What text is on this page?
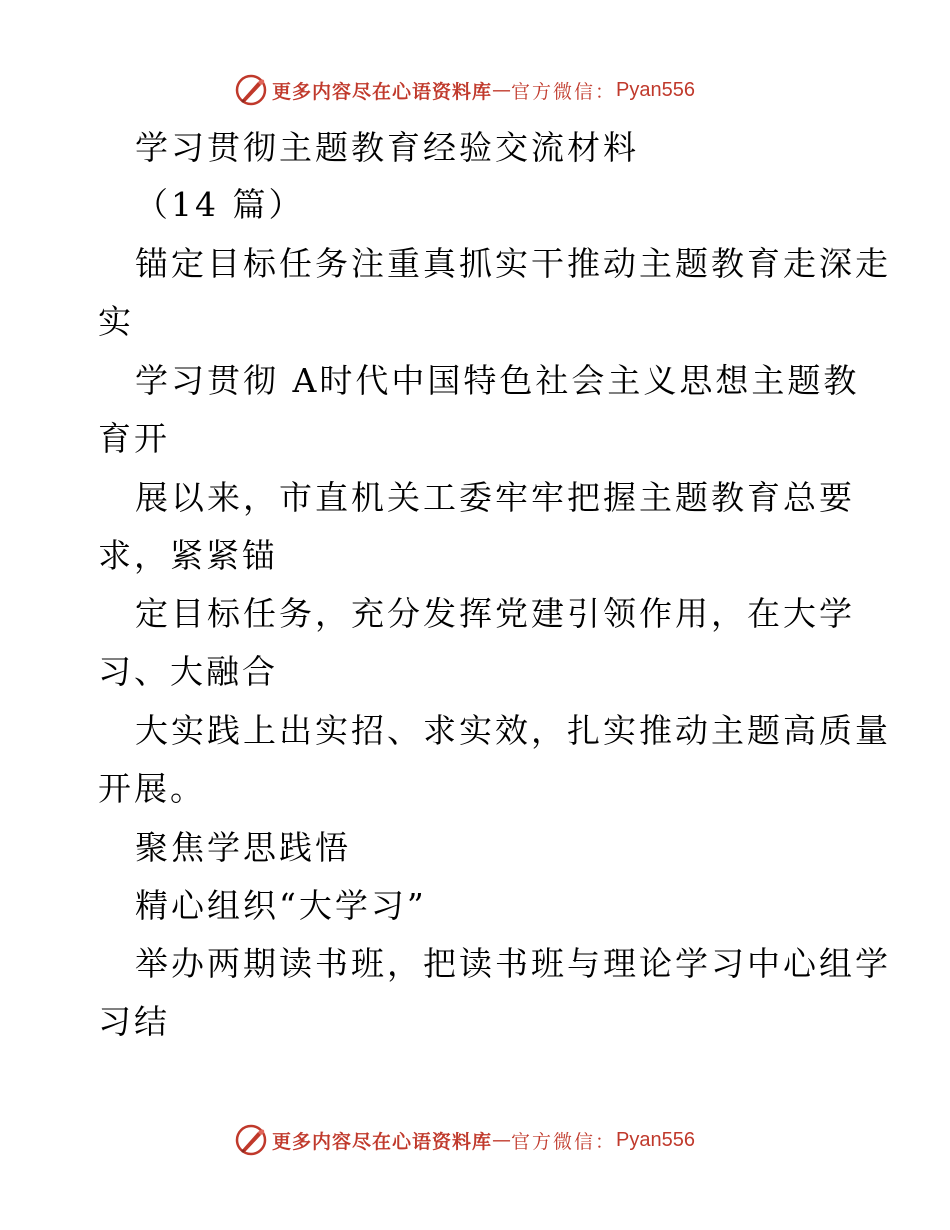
更多内容尽在心语资料库 — 官方微信： Pyan556
学习贯彻主题教育经验交流材料
（14 篇）
锚定目标任务注重真抓实干推动主题教育走深走
实
学习贯彻 A时代中国特色社会主义思想主题教
育开
展以来，市直机关工委牢牢把握主题教育总要
求，紧紧锚
定目标任务，充分发挥党建引领作用，在大学
习、大融合
大实践上出实招、求实效，扎实推动主题高质量
开展。
聚焦学思践悟
精心组织“大学习”
举办两期读书班，把读书班与理论学习中心组学
习结
更多内容尽在心语资料库 — 官方微信： Pyan556
